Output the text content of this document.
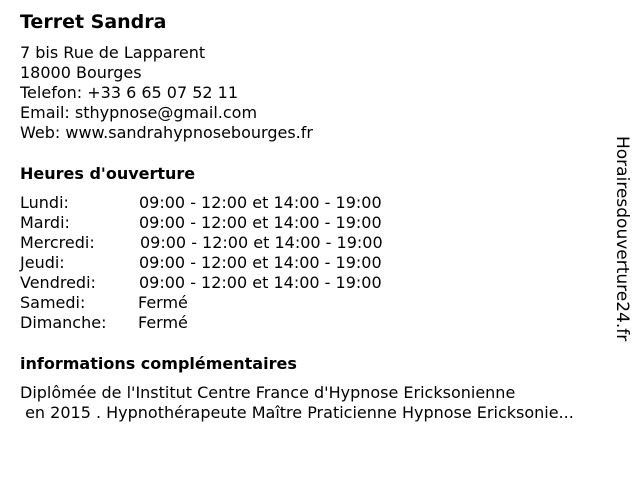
Terret Sandra
7 bis Rue de Lapparent
18000 Bourges
Telefon: +33 6 65 07 52 11
Email: sthypnose@gmail.com
Web: www.sandrahypnosebourges.fr
Heures d'ouverture
Lundi:	09:00 - 12:00 et 14:00 - 19:00
Mardi:	09:00 - 12:00 et 14:00 - 19:00
Mercredi:	09:00 - 12:00 et 14:00 - 19:00
Jeudi:	09:00 - 12:00 et 14:00 - 19:00
Vendredi:	09:00 - 12:00 et 14:00 - 19:00
Samedi:	Fermé
Dimanche: Fermé
informations complémentaires
Diplômée de l'Institut Centre France d'Hypnose Ericksonienne
en 2015 . Hypnothérapeute Maître Praticienne Hypnose Ericksonie...
Horairesdouverture24.fr
